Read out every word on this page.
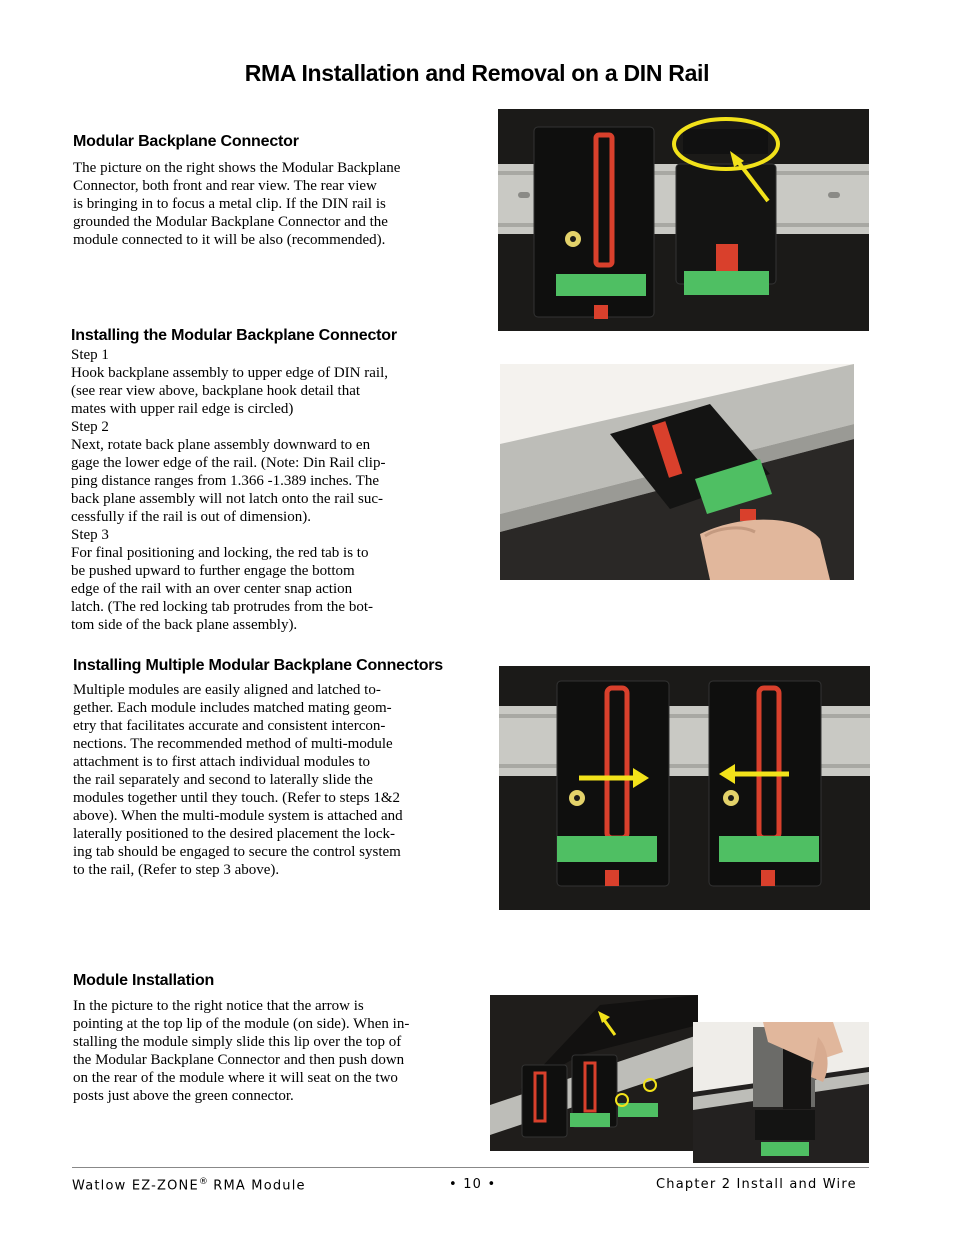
RMA Installation and Removal on a DIN Rail
Modular Backplane Connector

The picture on the right shows the Modular Backplane

Connector, both front and rear view. The rear view

is bringing in to focus a metal clip. If the DIN rail is

grounded the Modular Backplane Connector and the

module connected to it will be also (recommended).

Installing the Modular Backplane Connector

Step 1

Hook backplane assembly to upper edge of DIN rail,

(see rear view above, backplane hook detail that

mates with upper rail edge is circled)

Step 2

Next, rotate back plane assembly downward to en

gage the lower edge of the rail. (Note: Din Rail clip-

ping distance ranges from 1.366 -1.389 inches. The

back plane assembly will not latch onto the rail suc-

cessfully if the rail is out of dimension).

Step 3

For final positioning and locking, the red tab is to

be pushed upward to further engage the bottom

edge of the rail with an over center snap action

latch. (The red locking tab protrudes from the bot-

tom side of the back plane assembly).

Installing Multiple Modular Backplane Connectors

Multiple modules are easily aligned and latched to-

gether. Each module includes matched mating geom-

etry that facilitates accurate and consistent intercon-

nections. The recommended method of multi-module

attachment is to first attach individual modules to

the rail separately and second to laterally slide the

modules together until they touch. (Refer to steps 1&2

above). When the multi-module system is attached and

laterally positioned to the desired placement the lock-

ing tab should be engaged to secure the control system

to the rail, (Refer to step 3 above).

Module Installation

In the picture to the right notice that the arrow is

pointing at the top lip of the module (on side). When in-

stalling the module simply slide this lip over the top of

the Modular Backplane Connector and then push down

on the rear of the module where it will seat on the two

posts just above the green connector.

Watlow EZ-ZONE® RMA Module	• 10 •	Chapter 2 Install and Wire
